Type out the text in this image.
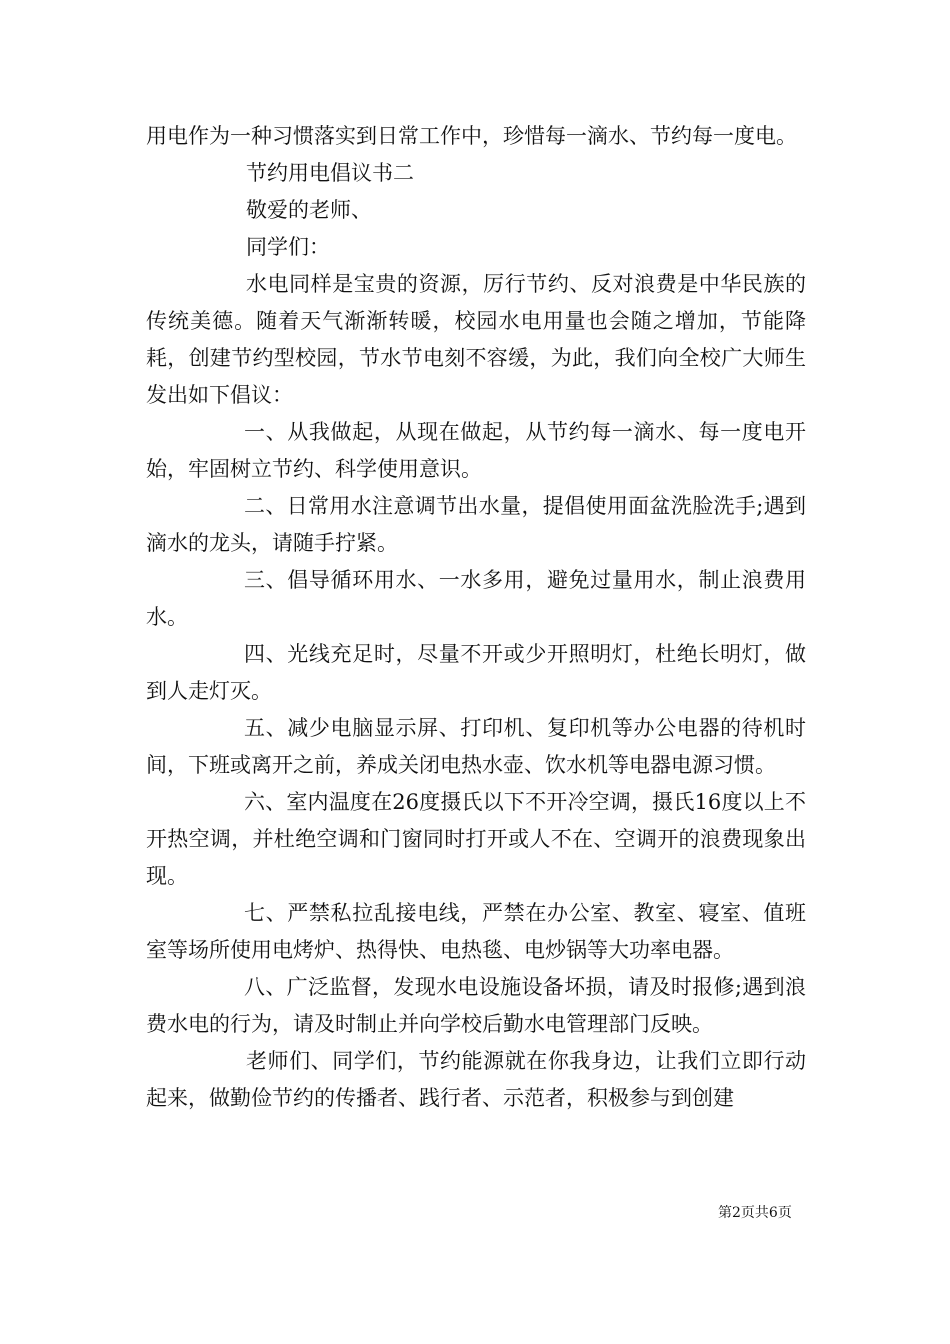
用电作为一种习惯落实到日常工作中，珍惜每一滴水、节约每一度电。

节约用电倡议书二

敬爱的老师、

同学们：

水电同样是宝贵的资源，厉行节约、反对浪费是中华民族的传统美德。随着天气渐渐转暖，校园水电用量也会随之增加，节能降耗，创建节约型校园，节水节电刻不容缓，为此，我们向全校广大师生发出如下倡议：

一、从我做起，从现在做起，从节约每一滴水、每一度电开始，牢固树立节约、科学使用意识。

二、日常用水注意调节出水量，提倡使用面盆洗脸洗手;遇到滴水的龙头，请随手拧紧。

三、倡导循环用水、一水多用，避免过量用水，制止浪费用水。

四、光线充足时，尽量不开或少开照明灯，杜绝长明灯，做到人走灯灭。

五、减少电脑显示屏、打印机、复印机等办公电器的待机时间，下班或离开之前，养成关闭电热水壶、饮水机等电器电源习惯。

六、室内温度在26度摄氏以下不开冷空调，摄氏16度以上不开热空调，并杜绝空调和门窗同时打开或人不在、空调开的浪费现象出现。

七、严禁私拉乱接电线，严禁在办公室、教室、寝室、值班室等场所使用电烤炉、热得快、电热毯、电炒锅等大功率电器。

八、广泛监督，发现水电设施设备坏损，请及时报修;遇到浪费水电的行为，请及时制止并向学校后勤水电管理部门反映。

老师们、同学们，节约能源就在你我身边，让我们立即行动起来，做勤俭节约的传播者、践行者、示范者，积极参与到创建

第2页共6页
